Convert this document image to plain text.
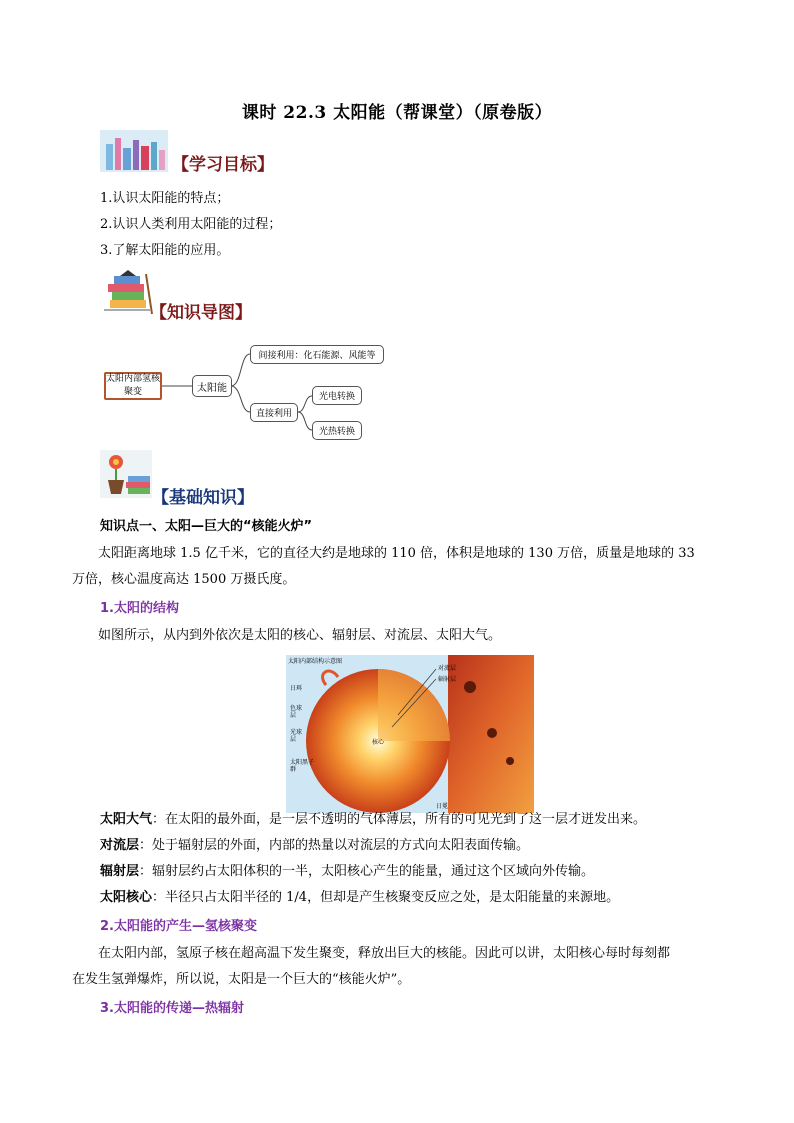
课时 22.3 太阳能（帮课堂）（原卷版）
【学习目标】
1.认识太阳能的特点；
2.认识人类利用太阳能的过程；
3.了解太阳能的应用。
【知识导图】
太阳内部氢核聚变	太阳能
间接利用：化石能源、风能等
直接利用
光电转换
光热转换
【基础知识】
知识点一、太阳—巨大的“核能火炉”
太阳距离地球 1.5 亿千米，它的直径大约是地球的 110 倍，体积是地球的 130 万倍，质量是地球的 33
万倍，核心温度高达 1500 万摄氏度。
1.太阳的结构
如图所示，从内到外依次是太阳的核心、辐射层、对流层、太阳大气。
太阳内部结构示意图
对流层
辐射层
日珥
色球层
光球层	核心
太阳黑子群
日冕
太阳大气：在太阳的最外面，是一层不透明的气体薄层，所有的可见光到了这一层才迸发出来。
对流层：处于辐射层的外面，内部的热量以对流层的方式向太阳表面传输。
辐射层：辐射层约占太阳体积的一半，太阳核心产生的能量，通过这个区域向外传输。
太阳核心：半径只占太阳半径的 1/4，但却是产生核聚变反应之处，是太阳能量的来源地。
2.太阳能的产生—氢核聚变
在太阳内部，氢原子核在超高温下发生聚变，释放出巨大的核能。因此可以讲，太阳核心每时每刻都
在发生氢弹爆炸，所以说，太阳是一个巨大的“核能火炉”。
3.太阳能的传递—热辐射
